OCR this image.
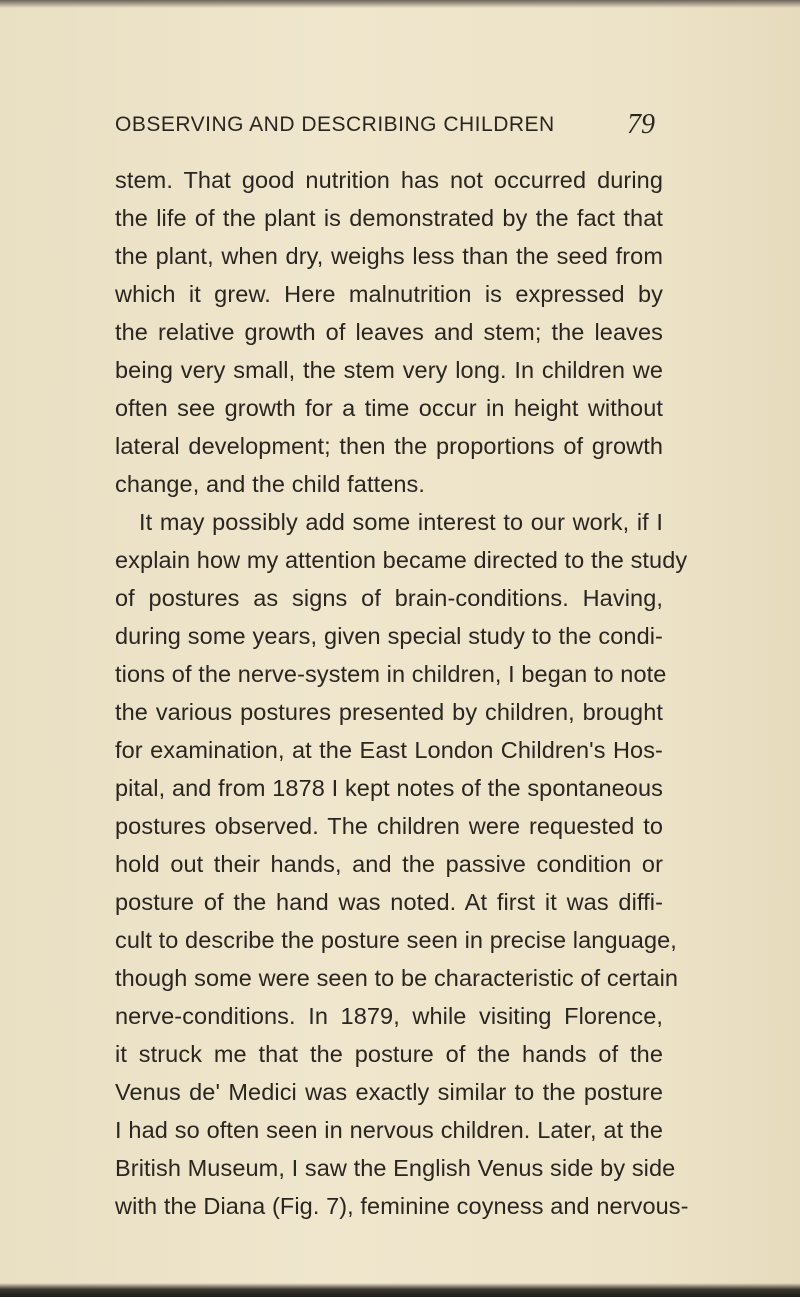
OBSERVING AND DESCRIBING CHILDREN	79
stem. That good nutrition has not occurred during
the life of the plant is demonstrated by the fact that
the plant, when dry, weighs less than the seed from
which it grew. Here malnutrition is expressed by
the relative growth of leaves and stem; the leaves
being very small, the stem very long. In children we
often see growth for a time occur in height without
lateral development; then the proportions of growth
change, and the child fattens.
It may possibly add some interest to our work, if I
explain how my attention became directed to the study
of postures as signs of brain-conditions. Having,
during some years, given special study to the condi-
tions of the nerve-system in children, I began to note
the various postures presented by children, brought
for examination, at the East London Children's Hos-
pital, and from 1878 I kept notes of the spontaneous
postures observed. The children were requested to
hold out their hands, and the passive condition or
posture of the hand was noted. At first it was diffi-
cult to describe the posture seen in precise language,
though some were seen to be characteristic of certain
nerve-conditions. In 1879, while visiting Florence,
it struck me that the posture of the hands of the
Venus de' Medici was exactly similar to the posture
I had so often seen in nervous children. Later, at the
British Museum, I saw the English Venus side by side
with the Diana (Fig. 7), feminine coyness and nervous-
